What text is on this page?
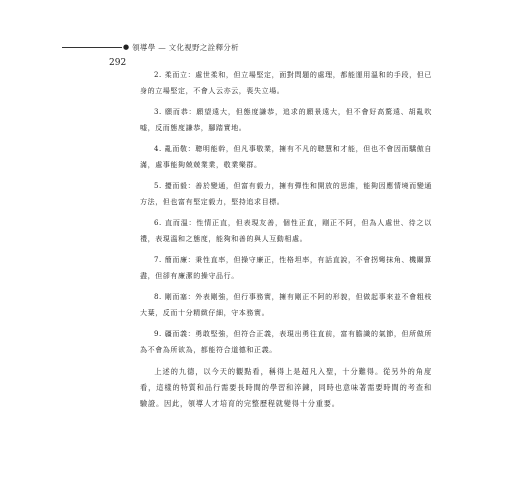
● 領導學 — 文化視野之詮釋分析
292

2. 柔而立：處世柔和，但立場堅定，面對問題的處理，都能運用溫和的手段，但已身的立場堅定，不會人云亦云，喪失立場。

3. 願而恭：願望遠大，但態度謙恭，追求的願景遠大，但不會好高騖遠、胡亂吹嘘，反而態度謙恭，腳踏實地。

4. 亂而敬：聰明能幹，但凡事敬業，擁有不凡的聰慧和才能，但也不會因而驕傲自滿，處事能夠兢兢業業，敬業樂群。

5. 擾而毅：善於變通，但富有毅力，擁有彈性和開放的思維，能夠因應情境而變通方法，但也富有堅定毅力，堅持追求目標。

6. 直而溫：性情正直，但表現友善，個性正直，剛正不阿，但為人處世、待之以禮，表現溫和之態度，能夠和善的與人互動相處。

7. 簡而廉：秉性直率，但操守廉正，性格坦率，有話直說，不會拐彎抹角、機關算盡，但卻有廉潔的操守品行。

8. 剛而塞：外表剛強，但行事務實，擁有剛正不阿的形貌，但做起事來並不會粗枝大葉，反而十分精緻仔細，守本務實。

9. 疆而義：勇敢堅強，但符合正義，表現出勇往直前，富有膽識的氣節，但所做所為不會為所欲為，都能符合道德和正義。

上述的九德，以今天的觀點看，稱得上是超凡入聖，十分難得。從另外的角度看，這樣的特質和品行需要長時間的學習和淬鍊，同時也意味著需要時間的考查和驗證。因此，領導人才培育的完整歷程就變得十分重要。
